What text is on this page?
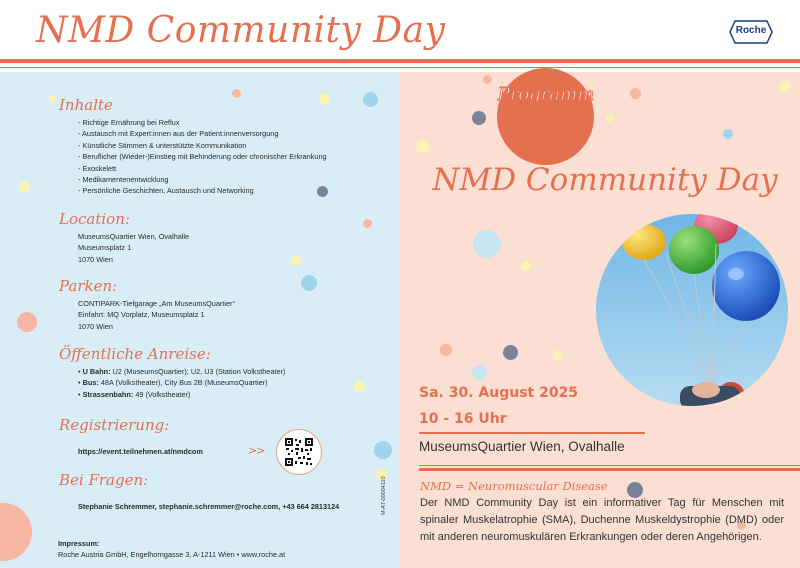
NMD Community Day	Roche
Inhalte
- Richtige Ernährung bei Reflux
- Austausch mit Expert:innen aus der Patient:innenversorgung
- Künstliche Stimmen & unterstützte Kommunikation
- Beruflicher (Wieder-)Einstieg mit Behinderung oder chronischer Erkrankung
- Exoskelett
- Medikamentenentwicklung
- Persönliche Geschichten, Austausch und Networking
Location:
MuseumsQuartier Wien, Ovalhalle
Museumsplatz 1
1070 Wien
Parken:
CONTIPARK-Tiefgarage „Am MuseumsQuartier“
Einfahrt: MQ Vorplatz, Museumsplatz 1
1070 Wien
Öffentliche Anreise:
• U Bahn: U2 (MuseumsQuartier); U2, U3 (Station Volkstheater)
• Bus: 48A (Volkstheater), City Bus 2B (MuseumsQuartier)
• Strassenbahn: 49 (Volkstheater)
Registrierung:
https://event.teilnehmen.at/nmdcom	>>
Bei Fragen:
Stephanie Schremmer, stephanie.schremmer@roche.com, +43 664 2813124
Impressum:
Roche Austria GmbH, Engelhorngasse 3, A-1211 Wien • www.roche.at
M-AT-00004110
Programm
NMD Community Day
Sa. 30. August 2025
10 - 16 Uhr
MuseumsQuartier Wien, Ovalhalle
NMD = Neuromuscular Disease
Der NMD Community Day ist ein informativer Tag für Menschen mit spinaler Muskelatrophie (SMA), Duchenne Muskeldystrophie (DMD) oder mit anderen neuromuskulären Erkrankungen oder deren Angehörigen.
